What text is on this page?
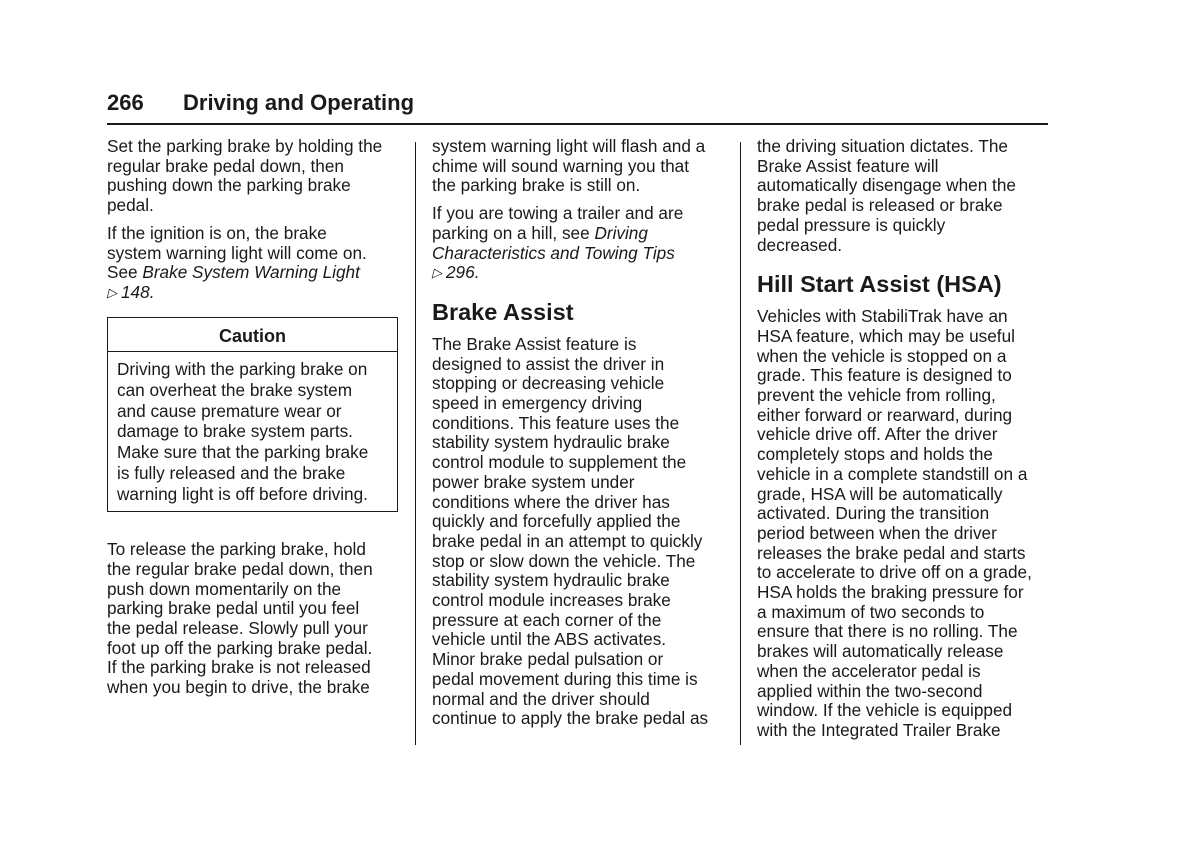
266 Driving and Operating

Set the parking brake by holding the
regular brake pedal down, then
pushing down the parking brake
pedal.

If the ignition is on, the brake
system warning light will come on.
See Brake System Warning Light
▷ 148.

Caution
Driving with the parking brake on
can overheat the brake system
and cause premature wear or
damage to brake system parts.
Make sure that the parking brake
is fully released and the brake
warning light is off before driving.

To release the parking brake, hold
the regular brake pedal down, then
push down momentarily on the
parking brake pedal until you feel
the pedal release. Slowly pull your
foot up off the parking brake pedal.
If the parking brake is not released
when you begin to drive, the brake

system warning light will flash and a
chime will sound warning you that
the parking brake is still on.

If you are towing a trailer and are
parking on a hill, see Driving
Characteristics and Towing Tips
▷ 296.

Brake Assist

The Brake Assist feature is
designed to assist the driver in
stopping or decreasing vehicle
speed in emergency driving
conditions. This feature uses the
stability system hydraulic brake
control module to supplement the
power brake system under
conditions where the driver has
quickly and forcefully applied the
brake pedal in an attempt to quickly
stop or slow down the vehicle. The
stability system hydraulic brake
control module increases brake
pressure at each corner of the
vehicle until the ABS activates.
Minor brake pedal pulsation or
pedal movement during this time is
normal and the driver should
continue to apply the brake pedal as

the driving situation dictates. The
Brake Assist feature will
automatically disengage when the
brake pedal is released or brake
pedal pressure is quickly
decreased.

Hill Start Assist (HSA)

Vehicles with StabiliTrak have an
HSA feature, which may be useful
when the vehicle is stopped on a
grade. This feature is designed to
prevent the vehicle from rolling,
either forward or rearward, during
vehicle drive off. After the driver
completely stops and holds the
vehicle in a complete standstill on a
grade, HSA will be automatically
activated. During the transition
period between when the driver
releases the brake pedal and starts
to accelerate to drive off on a grade,
HSA holds the braking pressure for
a maximum of two seconds to
ensure that there is no rolling. The
brakes will automatically release
when the accelerator pedal is
applied within the two-second
window. If the vehicle is equipped
with the Integrated Trailer Brake
